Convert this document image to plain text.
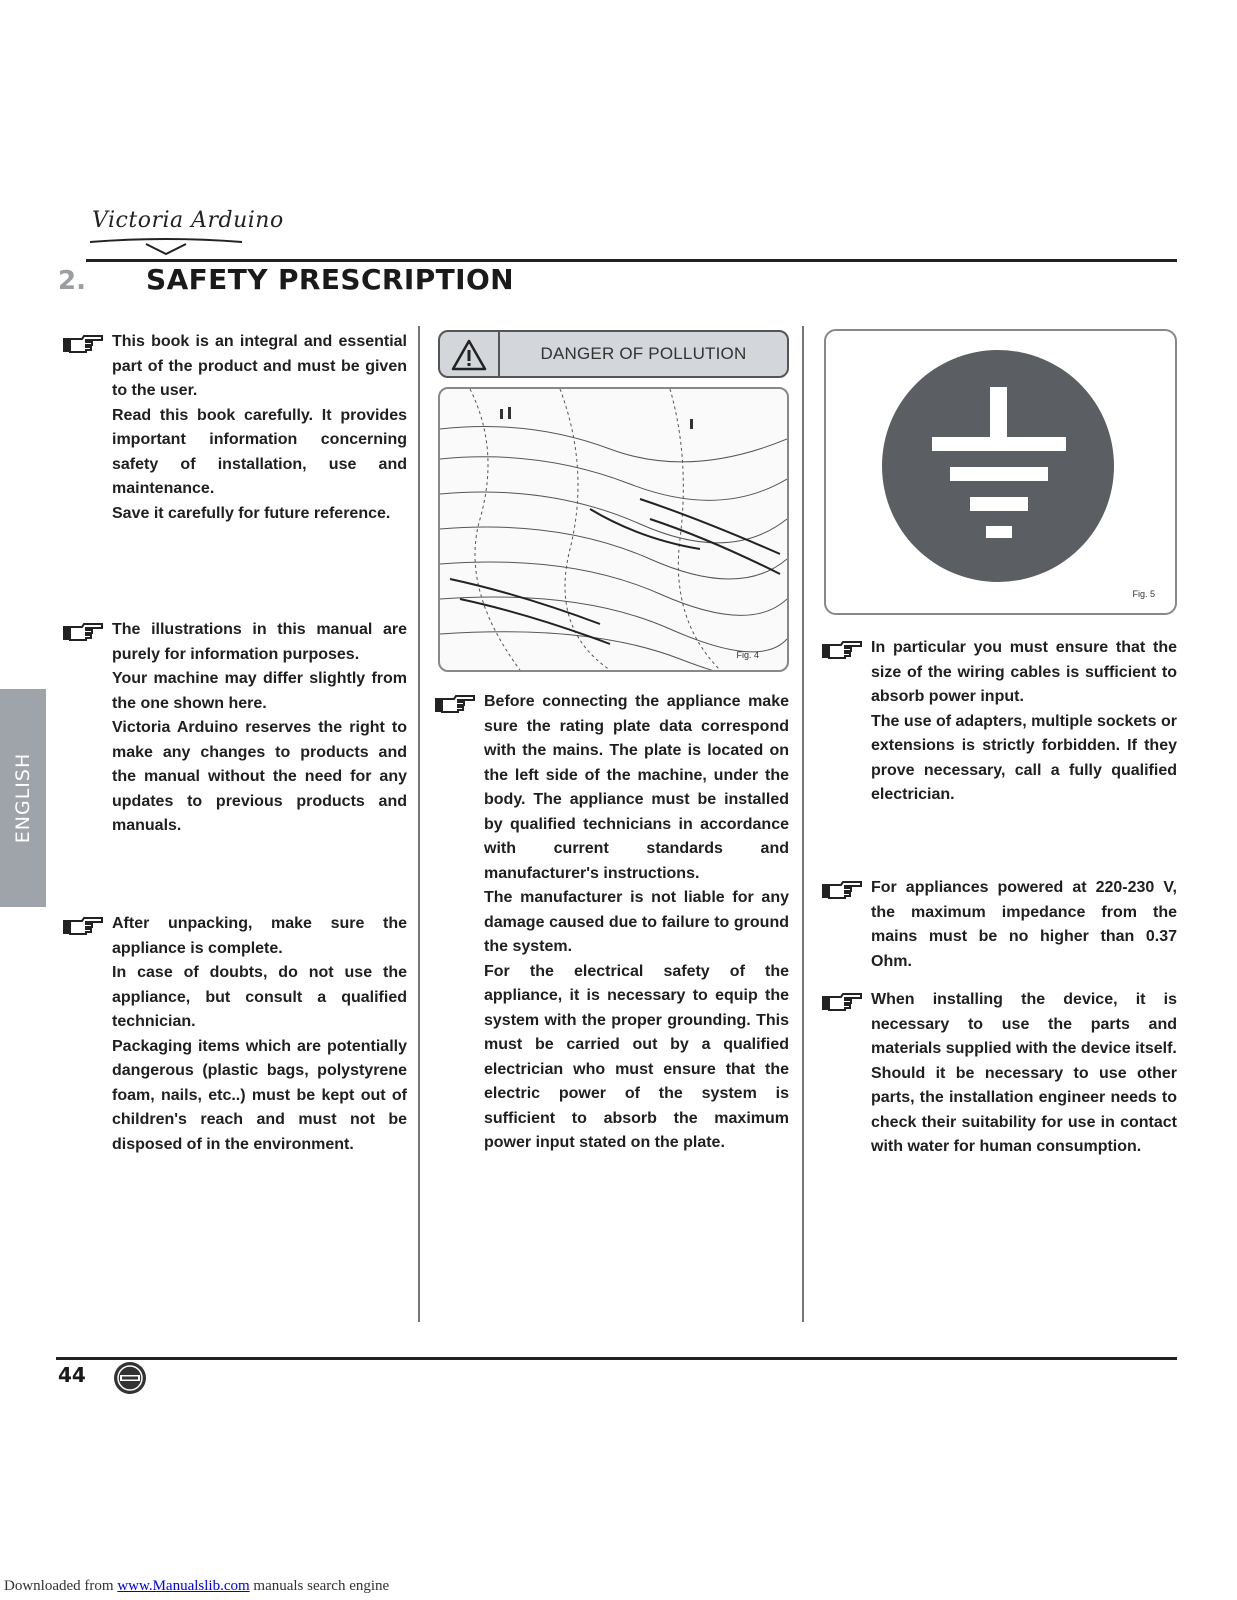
Victoria Arduino
2. SAFETY PRESCRIPTION
ENGLISH

This book is an integral and essential part of the product and must be given to the user.

Read this book carefully. It provides important information concerning safety of installation, use and maintenance.

Save it carefully for future reference.

The illustrations in this manual are purely for information purposes.

Your machine may differ slightly from the one shown here.

Victoria Arduino reserves the right to make any changes to products and the manual without the need for any updates to previous products and manuals.

After unpacking, make sure the appliance is complete.

In case of doubts, do not use the appliance, but consult a qualified technician.

Packaging items which are potentially dangerous (plastic bags, polystyrene foam, nails, etc..) must be kept out of children's reach and must not be disposed of in the environment.

DANGER OF POLLUTION
Fig. 4

Before connecting the appliance make sure the rating plate data correspond with the mains. The plate is located on the left side of the machine, under the body. The appliance must be installed by qualified technicians in accordance with current standards and manufacturer's instructions.

The manufacturer is not liable for any damage caused due to failure to ground the system.

For the electrical safety of the appliance, it is necessary to equip the system with the proper grounding. This must be carried out by a qualified electrician who must ensure that the electric power of the system is sufficient to absorb the maximum power input stated on the plate.

Fig. 5

In particular you must ensure that the size of the wiring cables is sufficient to absorb power input.

The use of adapters, multiple sockets or extensions is strictly forbidden. If they prove necessary, call a fully qualified electrician.

For appliances powered at 220-230 V, the maximum impedance from the mains must be no higher than 0.37 Ohm.

When installing the device, it is necessary to use the parts and materials supplied with the device itself.

Should it be necessary to use other parts, the installation engineer needs to check their suitability for use in contact with water for human consumption.

44
Downloaded from www.Manualslib.com manuals search engine
